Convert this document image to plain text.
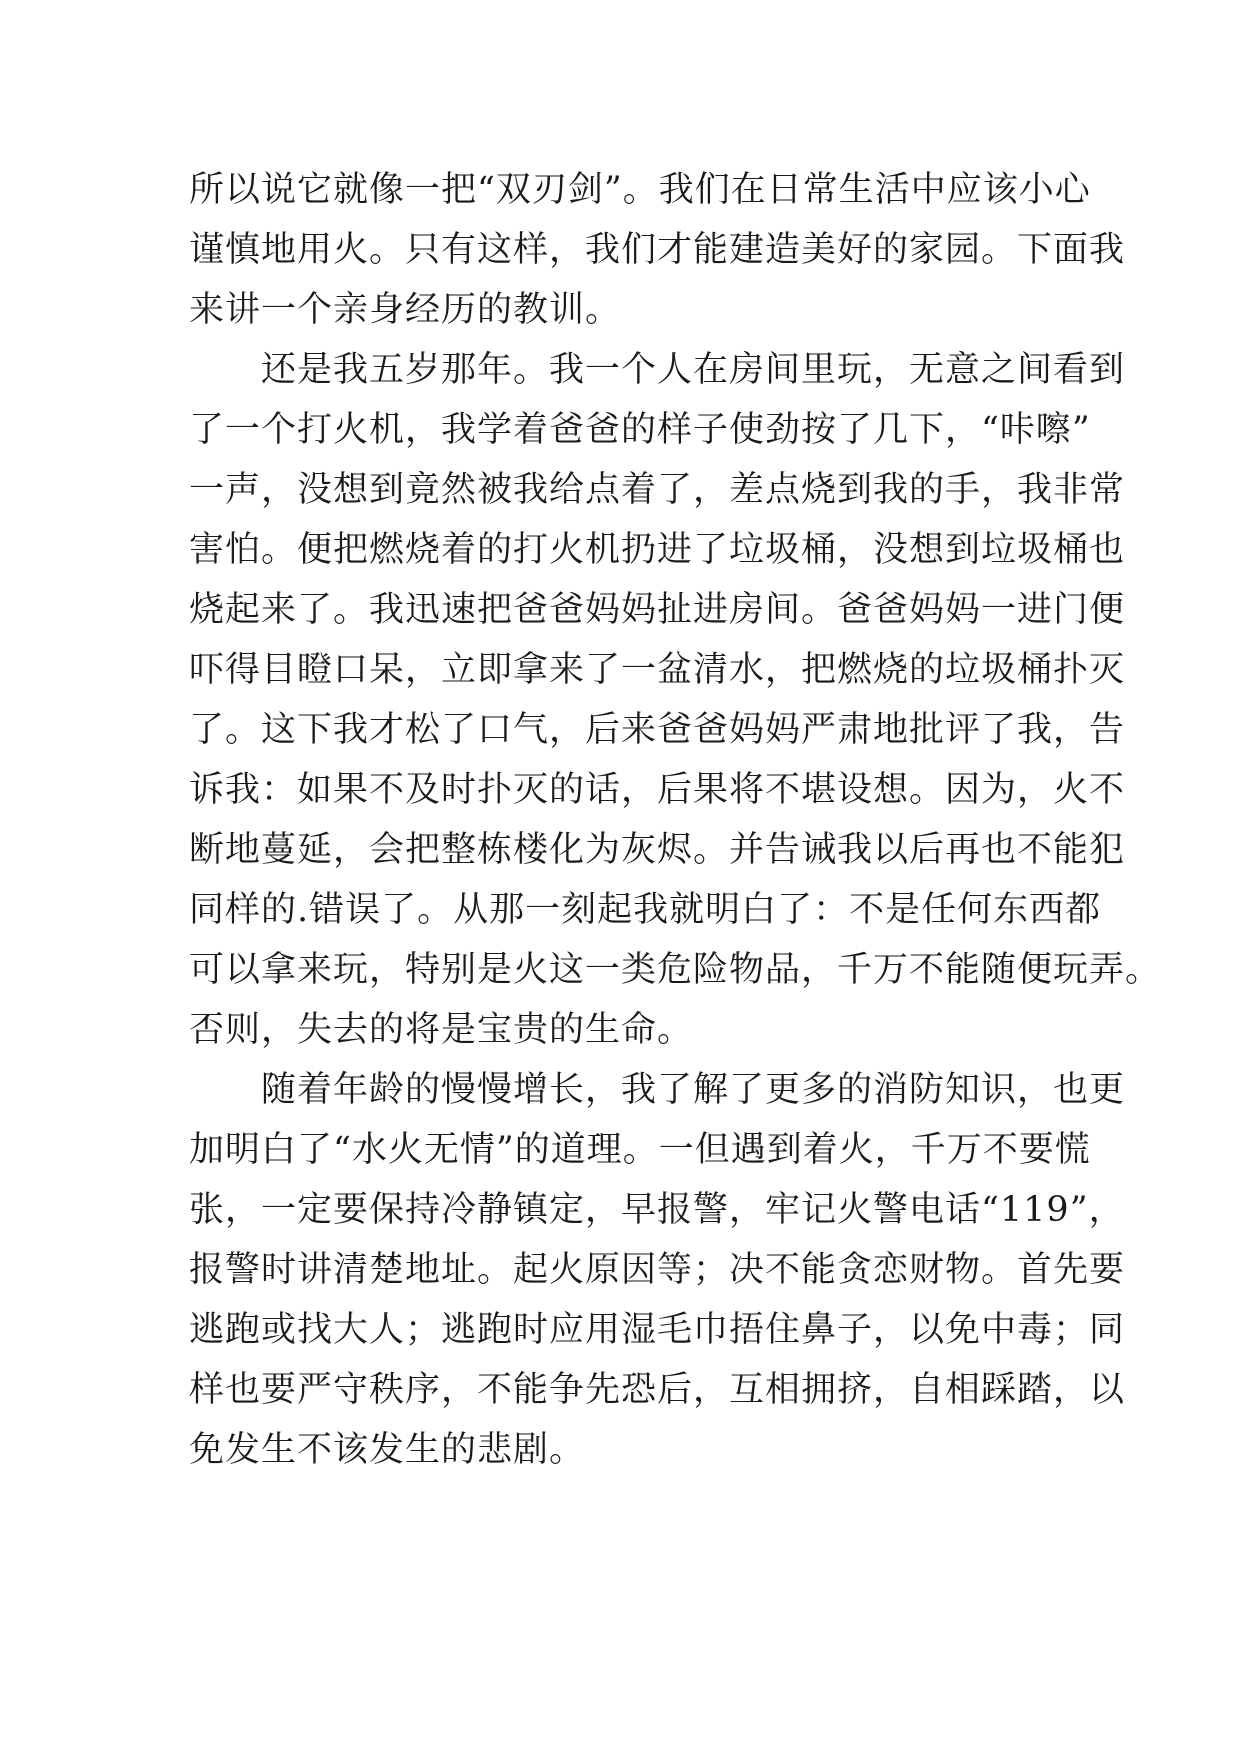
所以说它就像一把“双刃剑”。我们在日常生活中应该小心
谨慎地用火。只有这样，我们才能建造美好的家园。下面我
来讲一个亲身经历的教训。
还是我五岁那年。我一个人在房间里玩，无意之间看到
了一个打火机，我学着爸爸的样子使劲按了几下，“咔嚓”
一声，没想到竟然被我给点着了，差点烧到我的手，我非常
害怕。便把燃烧着的打火机扔进了垃圾桶，没想到垃圾桶也
烧起来了。我迅速把爸爸妈妈扯进房间。爸爸妈妈一进门便
吓得目瞪口呆，立即拿来了一盆清水，把燃烧的垃圾桶扑灭
了。这下我才松了口气，后来爸爸妈妈严肃地批评了我，告
诉我：如果不及时扑灭的话，后果将不堪设想。因为，火不
断地蔓延，会把整栋楼化为灰烬。并告诫我以后再也不能犯
同样的.错误了。从那一刻起我就明白了：不是任何东西都
可以拿来玩，特别是火这一类危险物品，千万不能随便玩弄。
否则，失去的将是宝贵的生命。
随着年龄的慢慢增长，我了解了更多的消防知识，也更
加明白了“水火无情”的道理。一但遇到着火，千万不要慌
张，一定要保持冷静镇定，早报警，牢记火警电话“119”，
报警时讲清楚地址。起火原因等；决不能贪恋财物。首先要
逃跑或找大人；逃跑时应用湿毛巾捂住鼻子，以免中毒；同
样也要严守秩序，不能争先恐后，互相拥挤，自相踩踏，以
免发生不该发生的悲剧。
